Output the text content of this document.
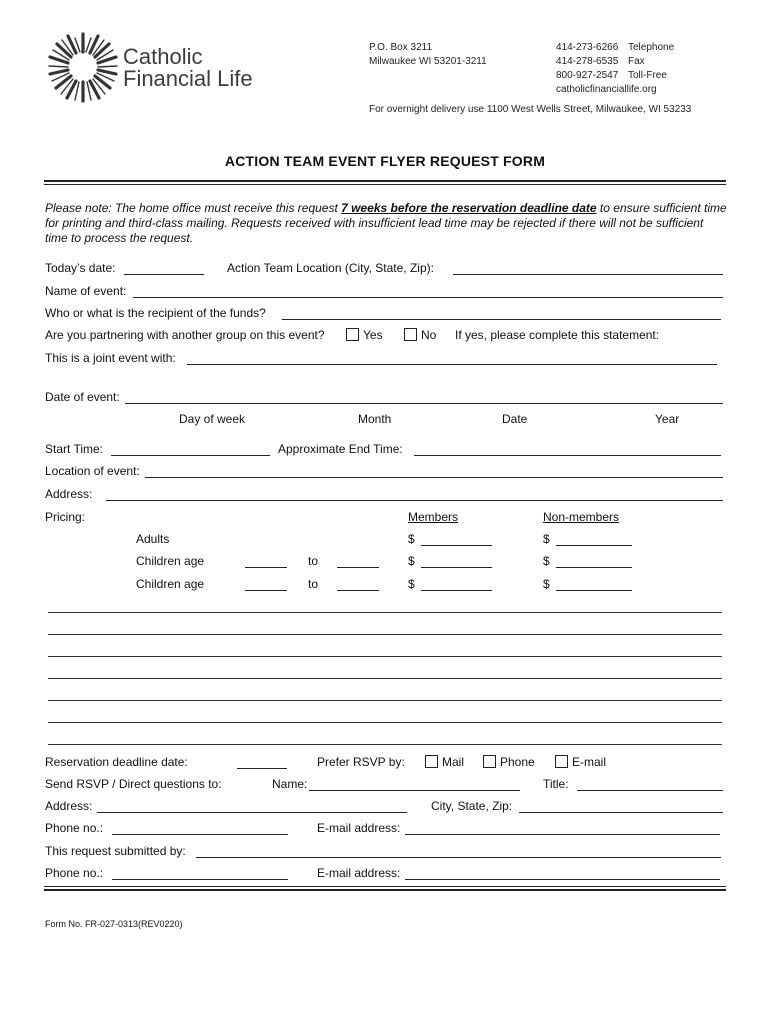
Catholic
Financial Life
P.O. Box 3211
Milwaukee WI 53201-3211
414-273-6266 Telephone
414-278-6535 Fax
800-927-2547 Toll-Free
catholicfinanciallife.org
For overnight delivery use 1100 West Wells Street, Milwaukee, WI 53233
ACTION TEAM EVENT FLYER REQUEST FORM
Please note: The home office must receive this request 7 weeks before the reservation deadline date to ensure sufficient time for printing and third-class mailing. Requests received with insufficient lead time may be rejected if there will not be sufficient time to process the request.
Today’s date:	Action Team Location (City, State, Zip):
Name of event:
Who or what is the recipient of the funds?
Are you partnering with another group on this event?	Yes	No If yes, please complete this statement:
This is a joint event with:
Date of event:
Day of week	Month	Date	Year
Start Time:	Approximate End Time:
Location of event:
Address:
Pricing:	Members	Non-members
Adults	$	$
Children age	to	$	$
Children age	to	$	$
Reservation deadline date:	Prefer RSVP by:	Mail	Phone	E-mail
Send RSVP / Direct questions to:	Name:	Title:
Address:	City, State, Zip:
Phone no.:	E-mail address:
This request submitted by:
Phone no.:	E-mail address:
Form No. FR-027-0313(REV0220)
